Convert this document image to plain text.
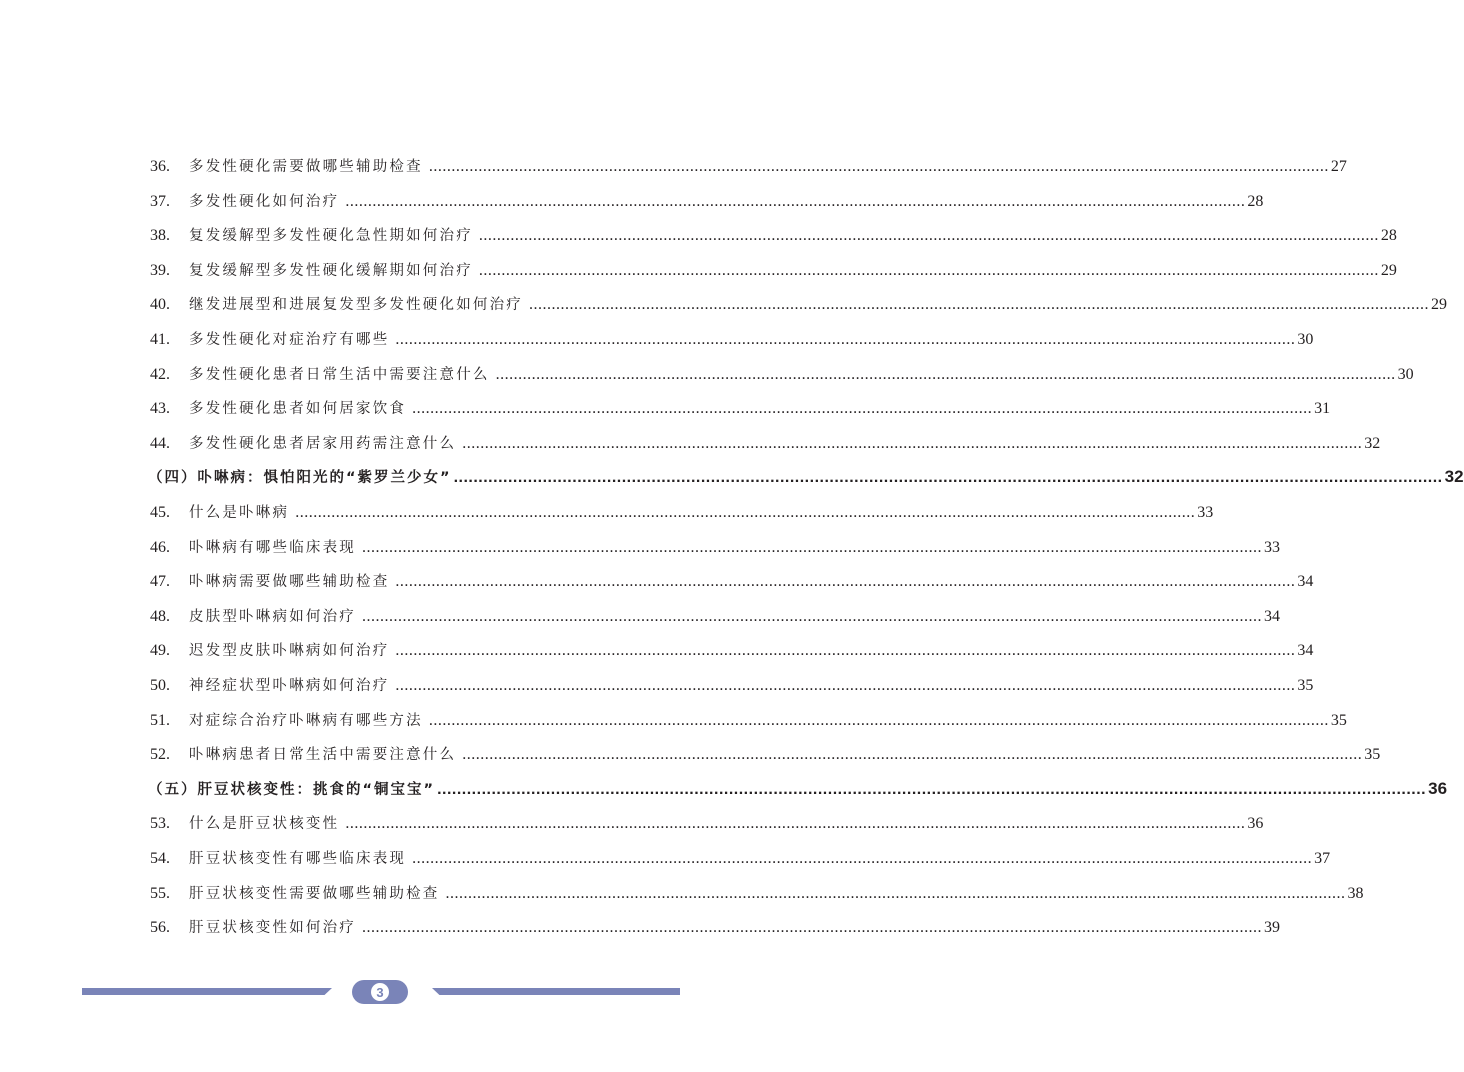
36.	多发性硬化需要做哪些辅助检查 ........................................................................................................................................................................................................ 27
37.	多发性硬化如何治疗 ........................................................................................................................................................................................................ 28
38.	复发缓解型多发性硬化急性期如何治疗 ........................................................................................................................................................................................................ 28
39.	复发缓解型多发性硬化缓解期如何治疗 ........................................................................................................................................................................................................ 29
40.	继发进展型和进展复发型多发性硬化如何治疗 ........................................................................................................................................................................................................ 29
41.	多发性硬化对症治疗有哪些 ........................................................................................................................................................................................................ 30
42.	多发性硬化患者日常生活中需要注意什么 ........................................................................................................................................................................................................ 30
43.	多发性硬化患者如何居家饮食 ........................................................................................................................................................................................................ 31
44.	多发性硬化患者居家用药需注意什么 ........................................................................................................................................................................................................ 32
（四）卟啉病：惧怕阳光的“紫罗兰少女” ........................................................................................................................................................................................................ 32
45.	什么是卟啉病 ........................................................................................................................................................................................................ 33
46.	卟啉病有哪些临床表现 ........................................................................................................................................................................................................ 33
47.	卟啉病需要做哪些辅助检查 ........................................................................................................................................................................................................ 34
48.	皮肤型卟啉病如何治疗 ........................................................................................................................................................................................................ 34
49.	迟发型皮肤卟啉病如何治疗 ........................................................................................................................................................................................................ 34
50.	神经症状型卟啉病如何治疗 ........................................................................................................................................................................................................ 35
51.	对症综合治疗卟啉病有哪些方法 ........................................................................................................................................................................................................ 35
52.	卟啉病患者日常生活中需要注意什么 ........................................................................................................................................................................................................ 35
（五）肝豆状核变性：挑食的“铜宝宝” ........................................................................................................................................................................................................ 36
53.	什么是肝豆状核变性 ........................................................................................................................................................................................................ 36
54.	肝豆状核变性有哪些临床表现 ........................................................................................................................................................................................................ 37
55.	肝豆状核变性需要做哪些辅助检查 ........................................................................................................................................................................................................ 38
56.	肝豆状核变性如何治疗 ........................................................................................................................................................................................................ 39
3
